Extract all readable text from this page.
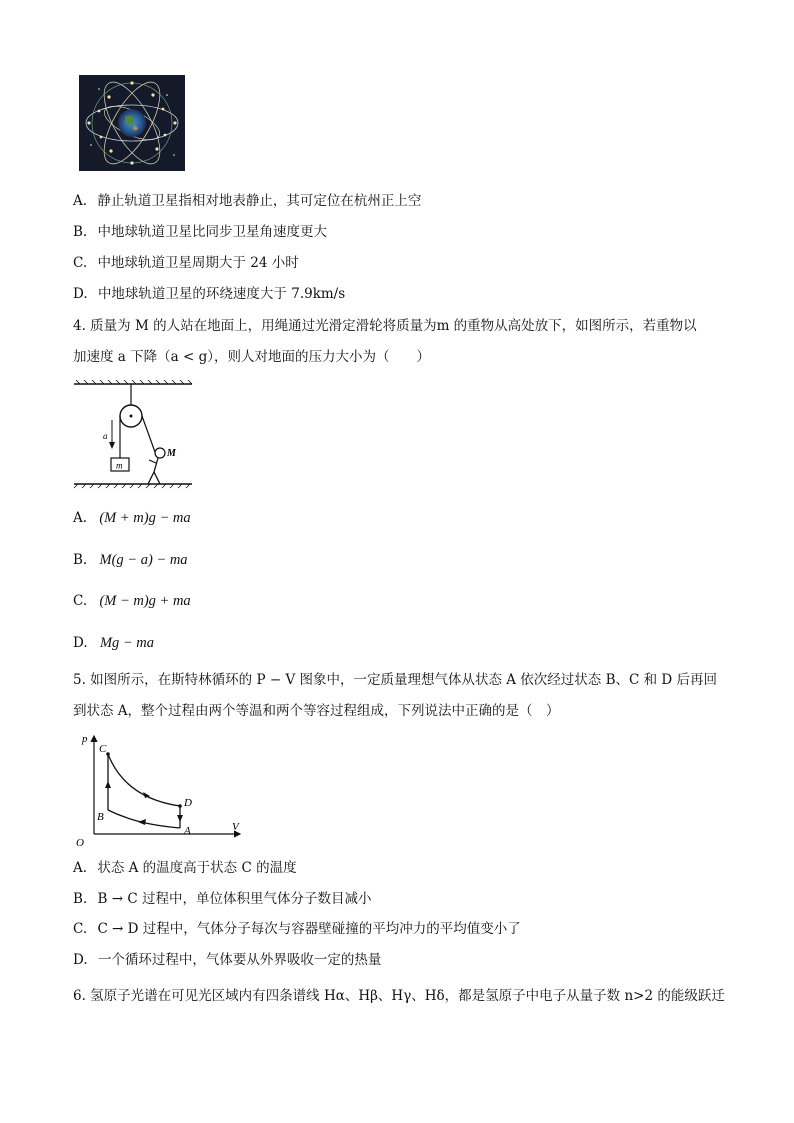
A. 静止轨道卫星指相对地表静止，其可定位在杭州正上空
B. 中地球轨道卫星比同步卫星角速度更大
C. 中地球轨道卫星周期大于 24 小时
D. 中地球轨道卫星的环绕速度大于 7.9km/s
4. 质量为 M 的人站在地面上，用绳通过光滑定滑轮将质量为m 的重物从高处放下，如图所示，若重物以
加速度 a 下降（a < g），则人对地面的压力大小为（　　）
m
a
M
A. (M + m)g − ma
B. M(g − a) − ma
C. (M − m)g + ma
D. Mg − ma
5. 如图所示，在斯特林循环的 P − V 图象中，一定质量理想气体从状态 A 依次经过状态 B、C 和 D 后再回
到状态 A，整个过程由两个等温和两个等容过程组成，下列说法中正确的是（　）
p
V
O
C
B
D
A
A. 状态 A 的温度高于状态 C 的温度
B. B → C 过程中，单位体积里气体分子数目减小
C. C → D 过程中，气体分子每次与容器壁碰撞的平均冲力的平均值变小了
D. 一个循环过程中，气体要从外界吸收一定的热量
6. 氢原子光谱在可见光区域内有四条谱线 Hα、Hβ、Hγ、Hδ，都是氢原子中电子从量子数 n>2 的能级跃迁
